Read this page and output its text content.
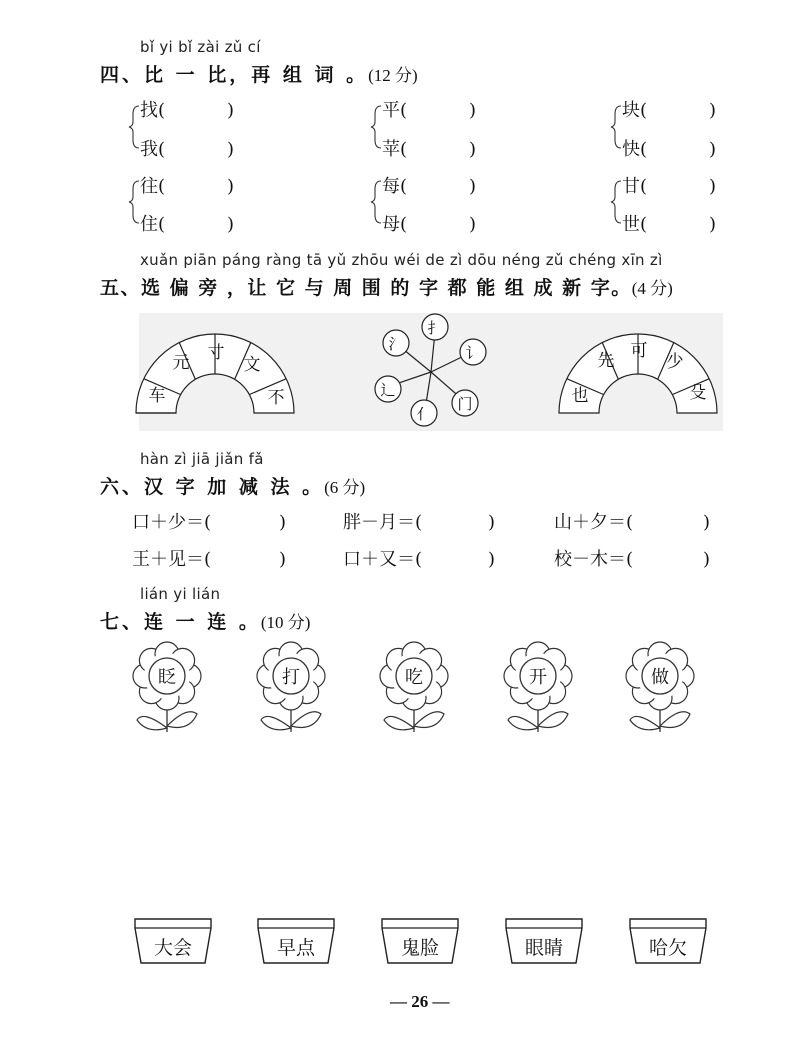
bǐ yi bǐ zài zǔ cí
四、比 一 比，再 组 词 。(12 分)
找(	)
我(	)
平(	)
苹(	)
块(	)
快(	)
往(	)
住(	)
每(	)
母(	)
甘(	)
世(	)
xuǎn piān páng ràng tā yǔ zhōu wéi de zì dōu néng zǔ chéng xīn zì
五、选 偏 旁 ，让 它 与 周 围 的 字 都 能 组 成 新 字。(4 分)
车
元 寸
文
不
扌
讠
门
亻
辶
氵
也
先 可
少
殳
hàn zì jiā jiǎn fǎ
六、汉 字 加 减 法 。(6 分)
口＋少＝(	)	胖－月＝(	)	山＋夕＝(	)
王＋见＝(	)	口＋又＝(	)	校－木＝(	)
lián yi lián
七、连 一 连 。(10 分)
眨	打	吃	开	做
大会	早点	鬼脸	眼睛	哈欠
— 26 —
